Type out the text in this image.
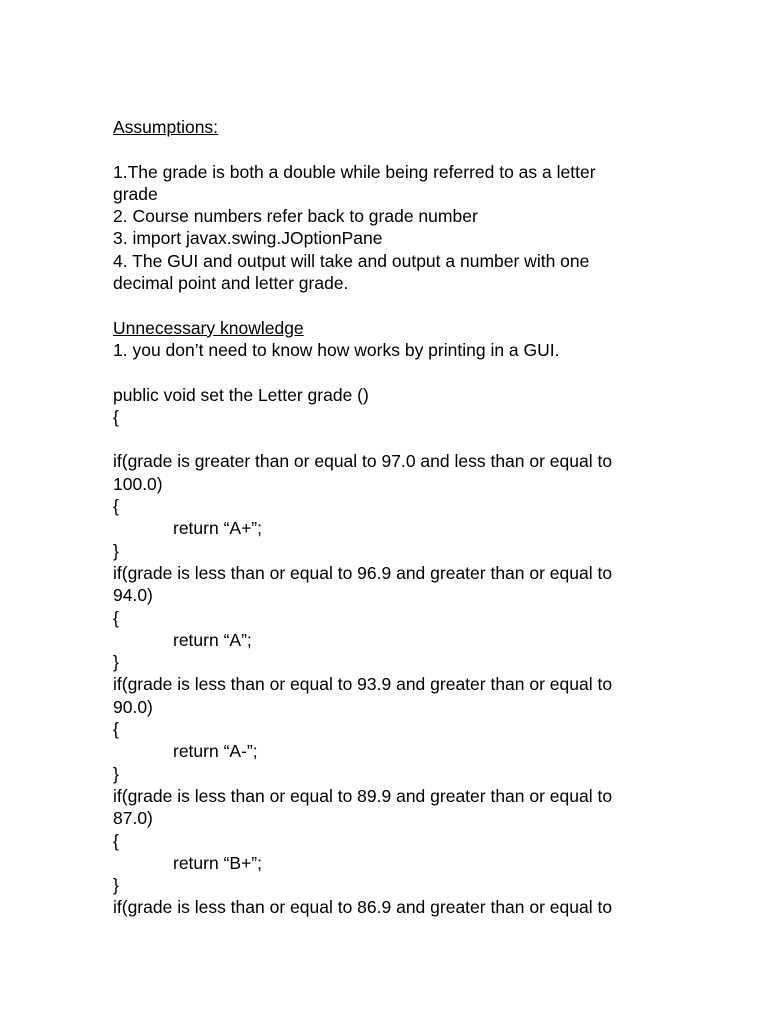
Assumptions:
1.The grade is both a double while being referred to as a letter
grade
2. Course numbers refer back to grade number
3. import javax.swing.JOptionPane
4. The GUI and output will take and output a number with one
decimal point and letter grade.
Unnecessary knowledge
1. you don’t need to know how works by printing in a GUI.
public void set the Letter grade ()
{
if(grade is greater than or equal to 97.0 and less than or equal to
100.0)
{
return “A+”;
}
if(grade is less than or equal to 96.9 and greater than or equal to
94.0)
{
return “A”;
}
if(grade is less than or equal to 93.9 and greater than or equal to
90.0)
{
return “A-”;
}
if(grade is less than or equal to 89.9 and greater than or equal to
87.0)
{
return “B+”;
}
if(grade is less than or equal to 86.9 and greater than or equal to
